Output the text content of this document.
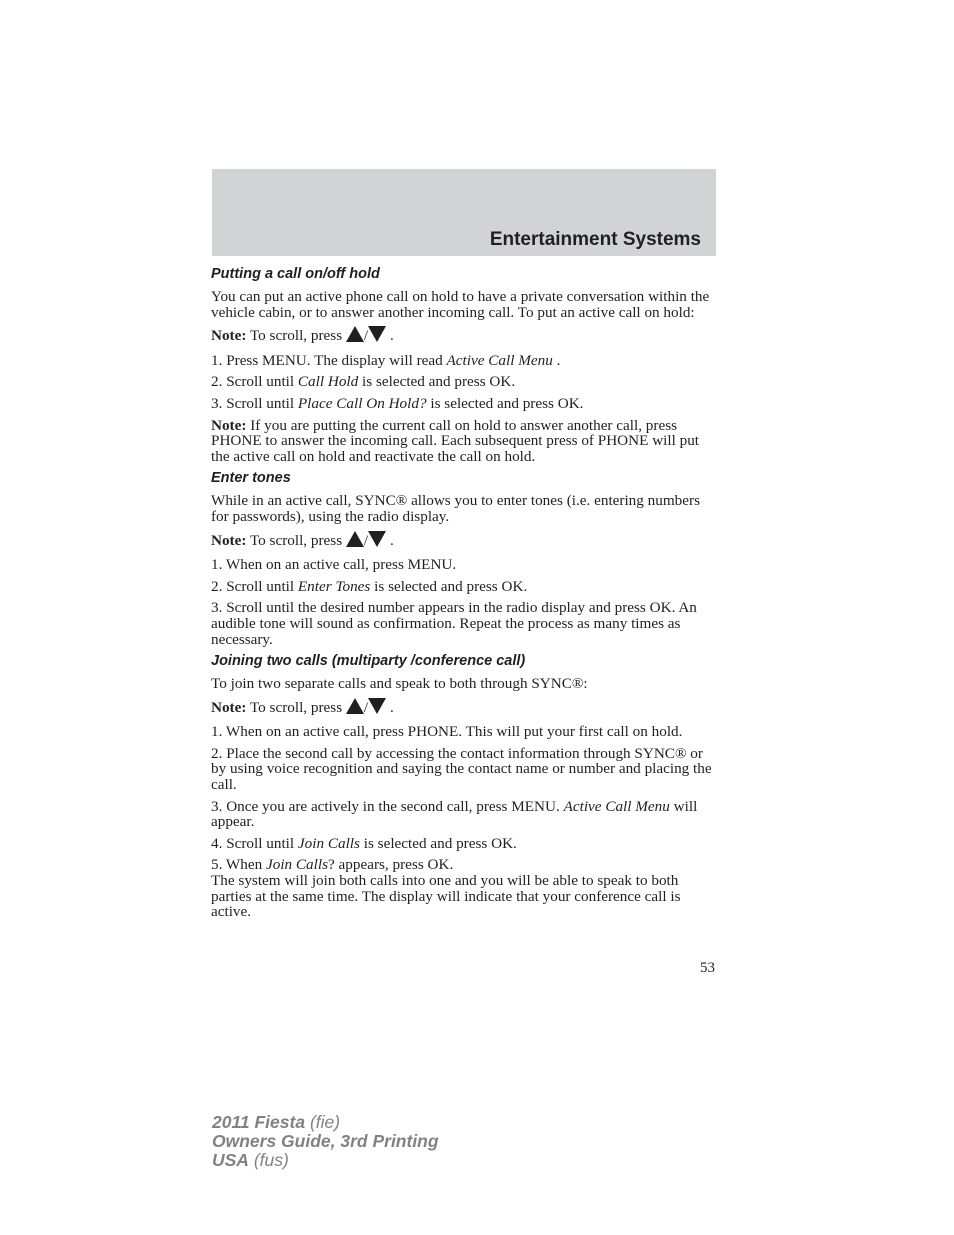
Entertainment Systems
Putting a call on/off hold

You can put an active phone call on hold to have a private conversation within the vehicle cabin, or to answer another incoming call. To put an active call on hold:

Note: To scroll, press / .

1. Press MENU. The display will read Active Call Menu .

2. Scroll until Call Hold is selected and press OK.

3. Scroll until Place Call On Hold? is selected and press OK.

Note: If you are putting the current call on hold to answer another call, press PHONE to answer the incoming call. Each subsequent press of PHONE will put the active call on hold and reactivate the call on hold.

Enter tones

While in an active call, SYNC® allows you to enter tones (i.e. entering numbers for passwords), using the radio display.

Note: To scroll, press / .

1. When on an active call, press MENU.

2. Scroll until Enter Tones is selected and press OK.

3. Scroll until the desired number appears in the radio display and press OK. An audible tone will sound as confirmation. Repeat the process as many times as necessary.

Joining two calls (multiparty /conference call)

To join two separate calls and speak to both through SYNC®:

Note: To scroll, press / .

1. When on an active call, press PHONE. This will put your first call on hold.

2. Place the second call by accessing the contact information through SYNC® or by using voice recognition and saying the contact name or number and placing the call.

3. Once you are actively in the second call, press MENU. Active Call Menu will appear.

4. Scroll until Join Calls is selected and press OK.

5. When Join Calls? appears, press OK.

The system will join both calls into one and you will be able to speak to both parties at the same time. The display will indicate that your conference call is active.

53
2011 Fiesta (fie)
Owners Guide, 3rd Printing
USA (fus)
